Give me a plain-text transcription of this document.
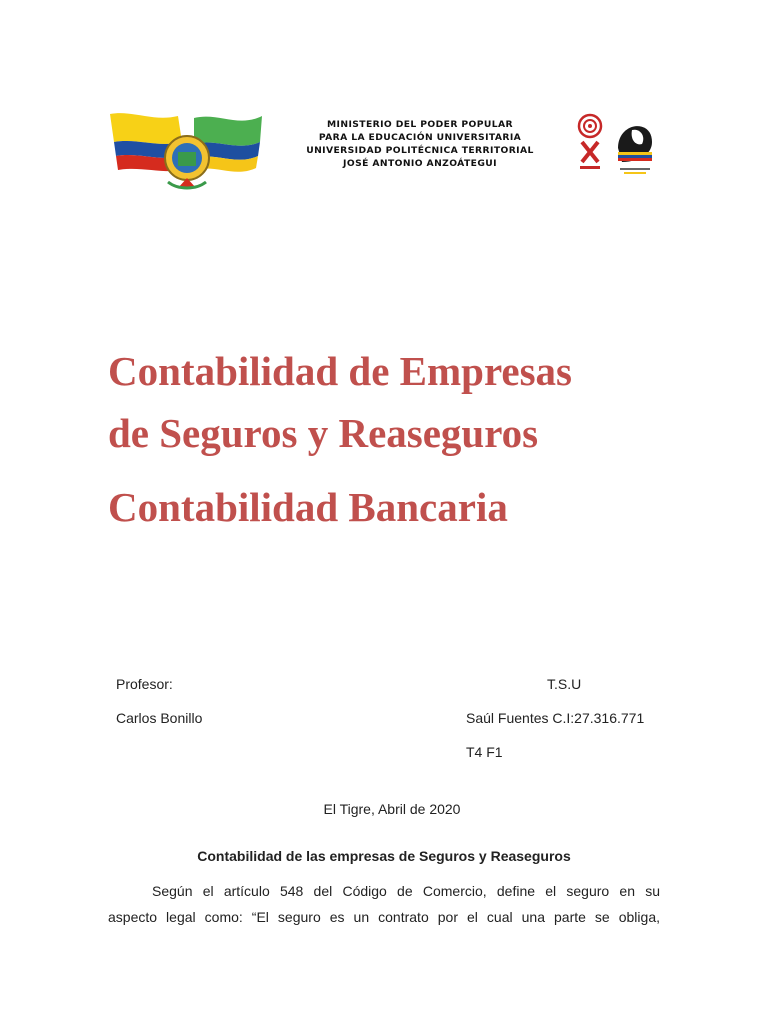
MINISTERIO DEL PODER POPULAR
PARA LA EDUCACIÓN UNIVERSITARIA
UNIVERSIDAD POLITÉCNICA TERRITORIAL
JOSÉ ANTONIO ANZOÁTEGUI
Contabilidad de Empresas
de Seguros y Reaseguros
Contabilidad Bancaria
Profesor:
Carlos Bonillo
T.S.U
Saúl Fuentes C.I:27.316.771
T4 F1
El Tigre, Abril de 2020
Contabilidad de las empresas de Seguros y Reaseguros
Según el artículo 548 del Código de Comercio, define el seguro en su
aspecto legal como: “El seguro es un contrato por el cual una parte se obliga,
